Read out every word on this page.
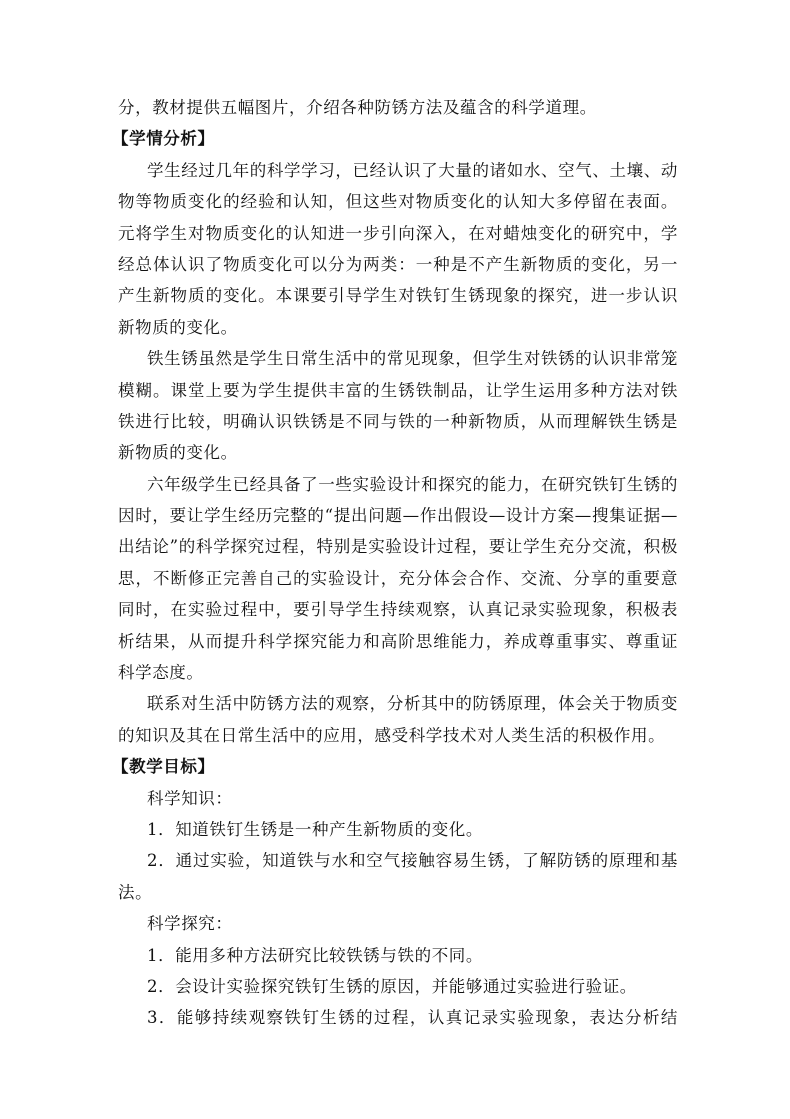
分，教材提供五幅图片，介绍各种防锈方法及蕴含的科学道理。
【学情分析】
学生经过几年的科学学习，已经认识了大量的诸如水、空气、土壤、动
物等物质变化的经验和认知，但这些对物质变化的认知大多停留在表面。
元将学生对物质变化的认知进一步引向深入，在对蜡烛变化的研究中，学
经总体认识了物质变化可以分为两类：一种是不产生新物质的变化，另一
产生新物质的变化。本课要引导学生对铁钉生锈现象的探究，进一步认识
新物质的变化。
铁生锈虽然是学生日常生活中的常见现象，但学生对铁锈的认识非常笼
模糊。课堂上要为学生提供丰富的生锈铁制品，让学生运用多种方法对铁
铁进行比较，明确认识铁锈是不同与铁的一种新物质，从而理解铁生锈是
新物质的变化。
六年级学生已经具备了一些实验设计和探究的能力，在研究铁钉生锈的
因时，要让学生经历完整的“提出问题—作出假设—设计方案—搜集证据—
出结论”的科学探究过程，特别是实验设计过程，要让学生充分交流，积极
思，不断修正完善自己的实验设计，充分体会合作、交流、分享的重要意
同时，在实验过程中，要引导学生持续观察，认真记录实验现象，积极表
析结果，从而提升科学探究能力和高阶思维能力，养成尊重事实、尊重证
科学态度。
联系对生活中防锈方法的观察，分析其中的防锈原理，体会关于物质变
的知识及其在日常生活中的应用，感受科学技术对人类生活的积极作用。
【教学目标】
科学知识：
1．知道铁钉生锈是一种产生新物质的变化。
2．通过实验，知道铁与水和空气接触容易生锈，了解防锈的原理和基
法。
科学探究：
1．能用多种方法研究比较铁锈与铁的不同。
2．会设计实验探究铁钉生锈的原因，并能够通过实验进行验证。
3．能够持续观察铁钉生锈的过程，认真记录实验现象，表达分析结
